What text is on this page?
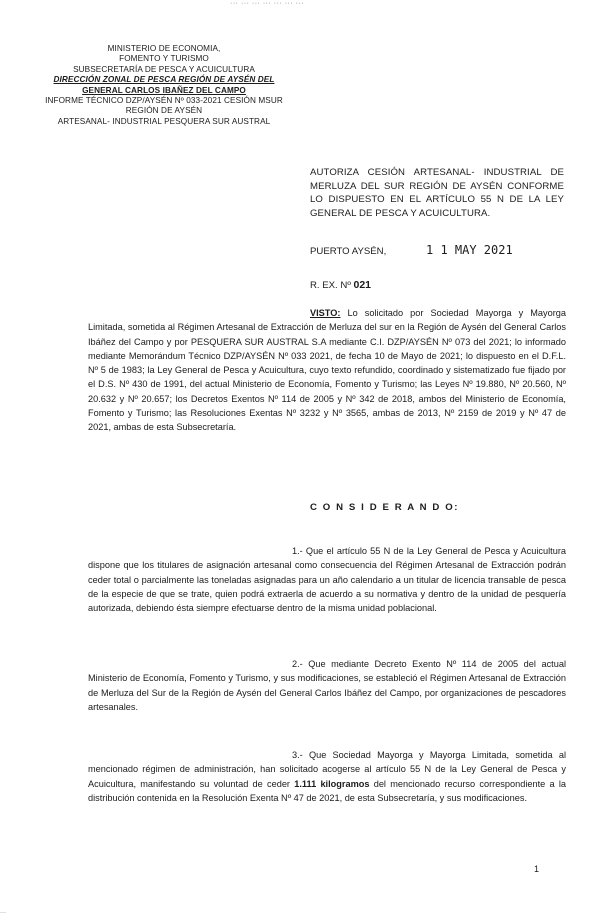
··· ··· ··· ··· ··· ··· ···
MINISTERIO DE ECONOMIA,
FOMENTO Y TURISMO
SUBSECRETARÍA DE PESCA Y ACUICULTURA
DIRECCIÓN ZONAL DE PESCA REGIÓN DE AYSÉN DEL
GENERAL CARLOS IBAÑEZ DEL CAMPO
INFORME TÉCNICO DZP/AYSÉN Nº 033-2021 CESIÓN MSUR
REGIÓN DE AYSÉN
ARTESANAL- INDUSTRIAL PESQUERA SUR AUSTRAL
AUTORIZA CESIÓN ARTESANAL- INDUSTRIAL DE MERLUZA DEL SUR REGIÓN DE AYSÉN CONFORME LO DISPUESTO EN EL ARTÍCULO 55 N DE LA LEY GENERAL DE PESCA Y ACUICULTURA.
PUERTO AYSÉN,	1 1 MAY 2021
R. EX. Nº 021
VISTO: Lo solicitado por Sociedad Mayorga y Mayorga Limitada, sometida al Régimen Artesanal de Extracción de Merluza del sur en la Región de Aysén del General Carlos Ibáñez del Campo y por PESQUERA SUR AUSTRAL S.A mediante C.I. DZP/AYSÉN Nº 073 del 2021; lo informado mediante Memorándum Técnico DZP/AYSÉN Nº 033 2021, de fecha 10 de Mayo de 2021; lo dispuesto en el D.F.L. Nº 5 de 1983; la Ley General de Pesca y Acuicultura, cuyo texto refundido, coordinado y sistematizado fue fijado por el D.S. Nº 430 de 1991, del actual Ministerio de Economía, Fomento y Turismo; las Leyes Nº 19.880, Nº 20.560, Nº 20.632 y Nº 20.657; los Decretos Exentos Nº 114 de 2005 y Nº 342 de 2018, ambos del Ministerio de Economía, Fomento y Turismo; las Resoluciones Exentas Nº 3232 y Nº 3565, ambas de 2013, Nº 2159 de 2019 y Nº 47 de 2021, ambas de esta Subsecretaría.
C O N S I D E R A N D O:
1.- Que el artículo 55 N de la Ley General de Pesca y Acuicultura dispone que los titulares de asignación artesanal como consecuencia del Régimen Artesanal de Extracción podrán ceder total o parcialmente las toneladas asignadas para un año calendario a un titular de licencia transable de pesca de la especie de que se trate, quien podrá extraerla de acuerdo a su normativa y dentro de la unidad de pesquería autorizada, debiendo ésta siempre efectuarse dentro de la misma unidad poblacional.
2.- Que mediante Decreto Exento Nº 114 de 2005 del actual Ministerio de Economía, Fomento y Turismo, y sus modificaciones, se estableció el Régimen Artesanal de Extracción de Merluza del Sur de la Región de Aysén del General Carlos Ibáñez del Campo, por organizaciones de pescadores artesanales.
3.- Que Sociedad Mayorga y Mayorga Limitada, sometida al mencionado régimen de administración, han solicitado acogerse al artículo 55 N de la Ley General de Pesca y Acuicultura, manifestando su voluntad de ceder 1.111 kilogramos del mencionado recurso correspondiente a la distribución contenida en la Resolución Exenta Nº 47 de 2021, de esta Subsecretaría, y sus modificaciones.
1
···
